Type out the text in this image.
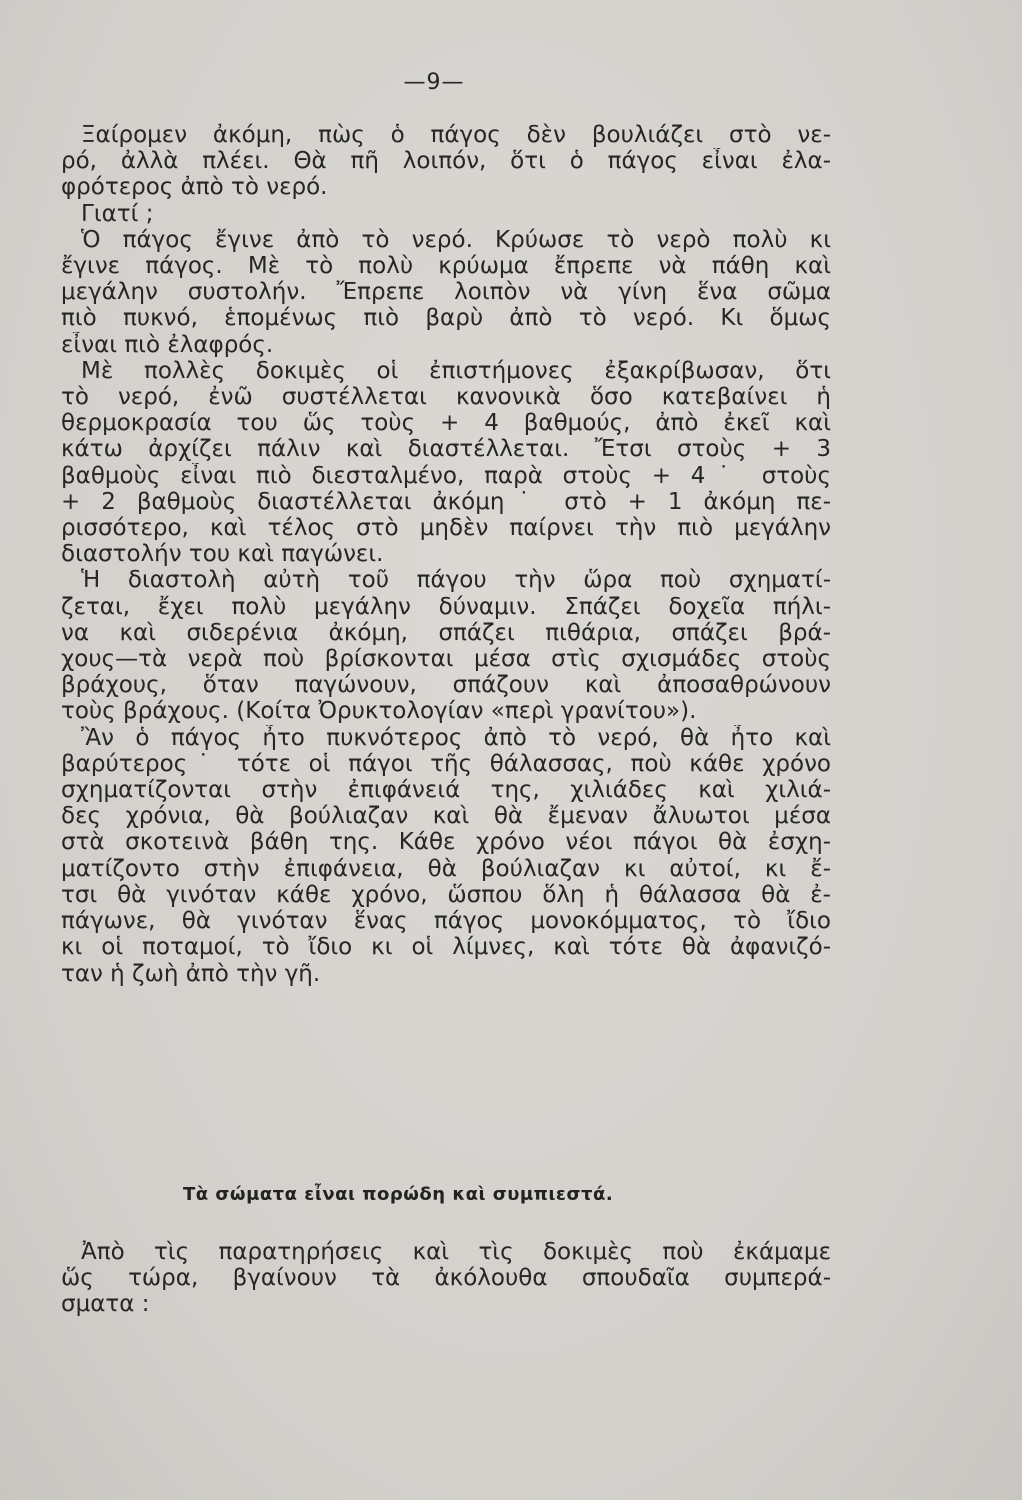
—9—
Ξαίρομεν ἀκόμη, πὼς ὁ πάγος δὲν βουλιάζει στὸ νε-
ρό, ἀλλὰ πλέει. Θὰ πῆ λοιπόν, ὅτι ὁ πάγος εἶναι ἐλα-
φρότερος ἀπὸ τὸ νερό.
Γιατί ;
Ὁ πάγος ἔγινε ἀπὸ τὸ νερό. Κρύωσε τὸ νερὸ πολὺ κι
ἔγινε πάγος. Μὲ τὸ πολὺ κρύωμα ἔπρεπε νὰ πάθη καὶ
μεγάλην συστολήν. Ἔπρεπε λοιπὸν νὰ γίνη ἕνα σῶμα
πιὸ πυκνό, ἑπομένως πιὸ βαρὺ ἀπὸ τὸ νερό. Κι ὅμως
εἶναι πιὸ ἐλαφρός.
Μὲ πολλὲς δοκιμὲς οἱ ἐπιστήμονες ἐξακρίβωσαν, ὅτι
τὸ νερό, ἐνῶ συστέλλεται κανονικὰ ὅσο κατεβαίνει ἡ
θερμοκρασία του ὥς τοὺς + 4 βαθμούς, ἀπὸ ἐκεῖ καὶ
κάτω ἀρχίζει πάλιν καὶ διαστέλλεται. Ἔτσι στοὺς + 3
βαθμοὺς εἶναι πιὸ διεσταλμένο, παρὰ στοὺς + 4˙ στοὺς
+ 2 βαθμοὺς διαστέλλεται ἀκόμη˙ στὸ + 1 ἀκόμη πε-
ρισσότερο, καὶ τέλος στὸ μηδὲν παίρνει τὴν πιὸ μεγάλην
διαστολήν του καὶ παγώνει.
Ἡ διαστολὴ αὐτὴ τοῦ πάγου τὴν ὥρα ποὺ σχηματί-
ζεται, ἔχει πολὺ μεγάλην δύναμιν. Σπάζει δοχεῖα πήλι-
να καὶ σιδερένια ἀκόμη, σπάζει πιθάρια, σπάζει βρά-
χους—τὰ νερὰ ποὺ βρίσκονται μέσα στὶς σχισμάδες στοὺς
βράχους, ὅταν παγώνουν, σπάζουν καὶ ἀποσαθρώνουν
τοὺς βράχους. (Κοίτα Ὀρυκτολογίαν «περὶ γρανίτου»).
Ἂν ὁ πάγος ἦτο πυκνότερος ἀπὸ τὸ νερό, θὰ ἦτο καὶ
βαρύτερος˙ τότε οἱ πάγοι τῆς θάλασσας, ποὺ κάθε χρόνο
σχηματίζονται στὴν ἐπιφάνειά της, χιλιάδες καὶ χιλιά-
δες χρόνια, θὰ βούλιαζαν καὶ θὰ ἔμεναν ἄλυωτοι μέσα
στὰ σκοτεινὰ βάθη της. Κάθε χρόνο νέοι πάγοι θὰ ἐσχη-
ματίζοντο στὴν ἐπιφάνεια, θὰ βούλιαζαν κι αὐτοί, κι ἔ-
τσι θὰ γινόταν κάθε χρόνο, ὥσπου ὅλη ἡ θάλασσα θὰ ἐ-
πάγωνε, θὰ γινόταν ἕνας πάγος μονοκόμματος, τὸ ἴδιο
κι οἱ ποταμοί, τὸ ἴδιο κι οἱ λίμνες, καὶ τότε θὰ ἀφανιζό-
ταν ἡ ζωὴ ἀπὸ τὴν γῆ.
Τὰ σώματα εἶναι πορώδη καὶ συμπιεστά.
Ἀπὸ τὶς παρατηρήσεις καὶ τὶς δοκιμὲς ποὺ ἐκάμαμε
ὥς τώρα, βγαίνουν τὰ ἀκόλουθα σπουδαῖα συμπερά-
σματα :
